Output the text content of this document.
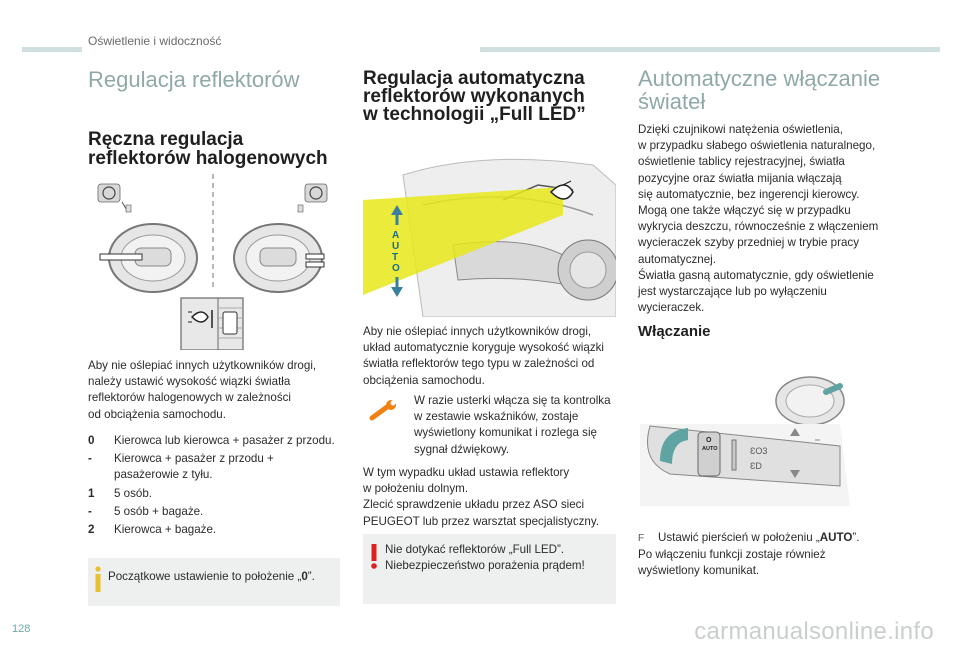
Oświetlenie i widoczność
Regulacja reflektorów
Ręczna regulacja
reflektorów halogenowych
Aby nie oślepiać innych użytkowników drogi,
należy ustawić wysokość wiązki światła
reflektorów halogenowych w zależności
od obciążenia samochodu.
0 Kierowca lub kierowca + pasażer z przodu.
- Kierowca + pasażer z przodu +
pasażerowie z tyłu.
1 5 osób.
- 5 osób + bagaże.
2 Kierowca + bagaże.
Początkowe ustawienie to położenie „0”.
Regulacja automatyczna
reflektorów wykonanych
w technologii „Full LED”
A
U
T
O
Aby nie oślepiać innych użytkowników drogi,
układ automatycznie koryguje wysokość wiązki
światła reflektorów tego typu w zależności od
obciążenia samochodu.
W razie usterki włącza się ta kontrolka
w zestawie wskaźników, zostaje
wyświetlony komunikat i rozlega się
sygnał dźwiękowy.
W tym wypadku układ ustawia reflektory
w położeniu dolnym.
Zlecić sprawdzenie układu przez ASO sieci
PEUGEOT lub przez warsztat specjalistyczny.
Nie dotykać reflektorów „Full LED”.
Niebezpieczeństwo porażenia prądem!
Automatyczne włączanie
świateł
Dzięki czujnikowi natężenia oświetlenia,
w przypadku słabego oświetlenia naturalnego,
oświetlenie tablicy rejestracyjnej, światła
pozycyjne oraz światła mijania włączają
się automatycznie, bez ingerencji kierowcy.
Mogą one także włączyć się w przypadku
wykrycia deszczu, równocześnie z włączeniem
wycieraczek szyby przedniej w trybie pracy
automatycznej.
Światła gasną automatycznie, gdy oświetlenie
jest wystarczające lub po wyłączeniu
wycieraczek.
Włączanie
O
AUTO	ƐO3
ƐD
F Ustawić pierścień w położeniu „AUTO”.
Po włączeniu funkcji zostaje również
wyświetlony komunikat.
128	carmanualsonline.info
